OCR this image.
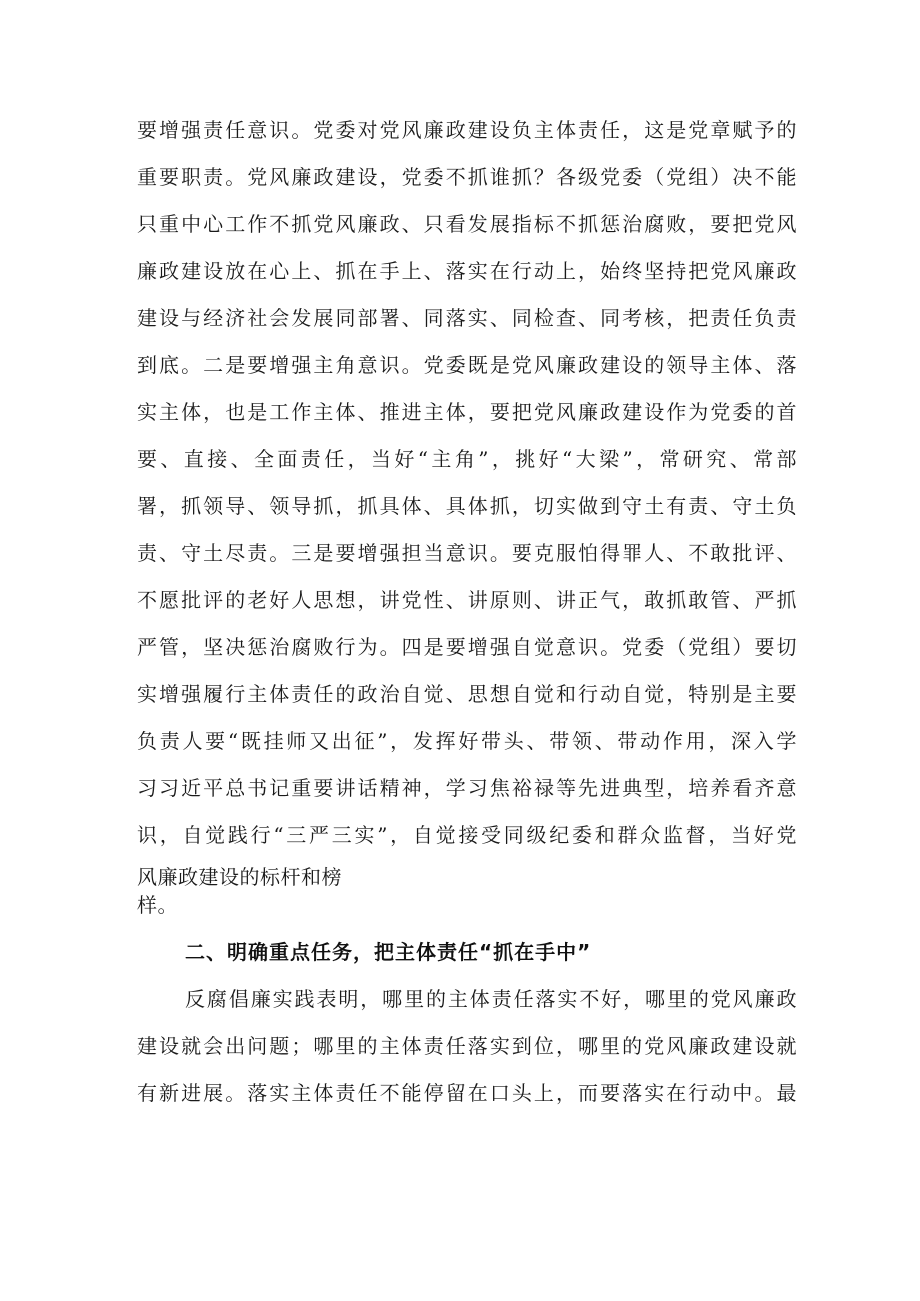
要增强责任意识。党委对党风廉政建设负主体责任，这是党章赋予的
重要职责。党风廉政建设，党委不抓谁抓？各级党委（党组）决不能
只重中心工作不抓党风廉政、只看发展指标不抓惩治腐败，要把党风
廉政建设放在心上、抓在手上、落实在行动上，始终坚持把党风廉政
建设与经济社会发展同部署、同落实、同检查、同考核，把责任负责
到底。二是要增强主角意识。党委既是党风廉政建设的领导主体、落
实主体，也是工作主体、推进主体，要把党风廉政建设作为党委的首
要、直接、全面责任，当好“主角”，挑好“大梁”，常研究、常部
署，抓领导、领导抓，抓具体、具体抓，切实做到守土有责、守土负
责、守土尽责。三是要增强担当意识。要克服怕得罪人、不敢批评、
不愿批评的老好人思想，讲党性、讲原则、讲正气，敢抓敢管、严抓
严管，坚决惩治腐败行为。四是要增强自觉意识。党委（党组）要切
实增强履行主体责任的政治自觉、思想自觉和行动自觉，特别是主要
负责人要“既挂师又出征”，发挥好带头、带领、带动作用，深入学
习习近平总书记重要讲话精神，学习焦裕禄等先进典型，培养看齐意
识，自觉践行“三严三实”，自觉接受同级纪委和群众监督，当好党
风廉政建设的标杆和榜
样。
二、明确重点任务，把主体责任“抓在手中”
反腐倡廉实践表明，哪里的主体责任落实不好，哪里的党风廉政
建设就会出问题；哪里的主体责任落实到位，哪里的党风廉政建设就
有新进展。落实主体责任不能停留在口头上，而要落实在行动中。最
